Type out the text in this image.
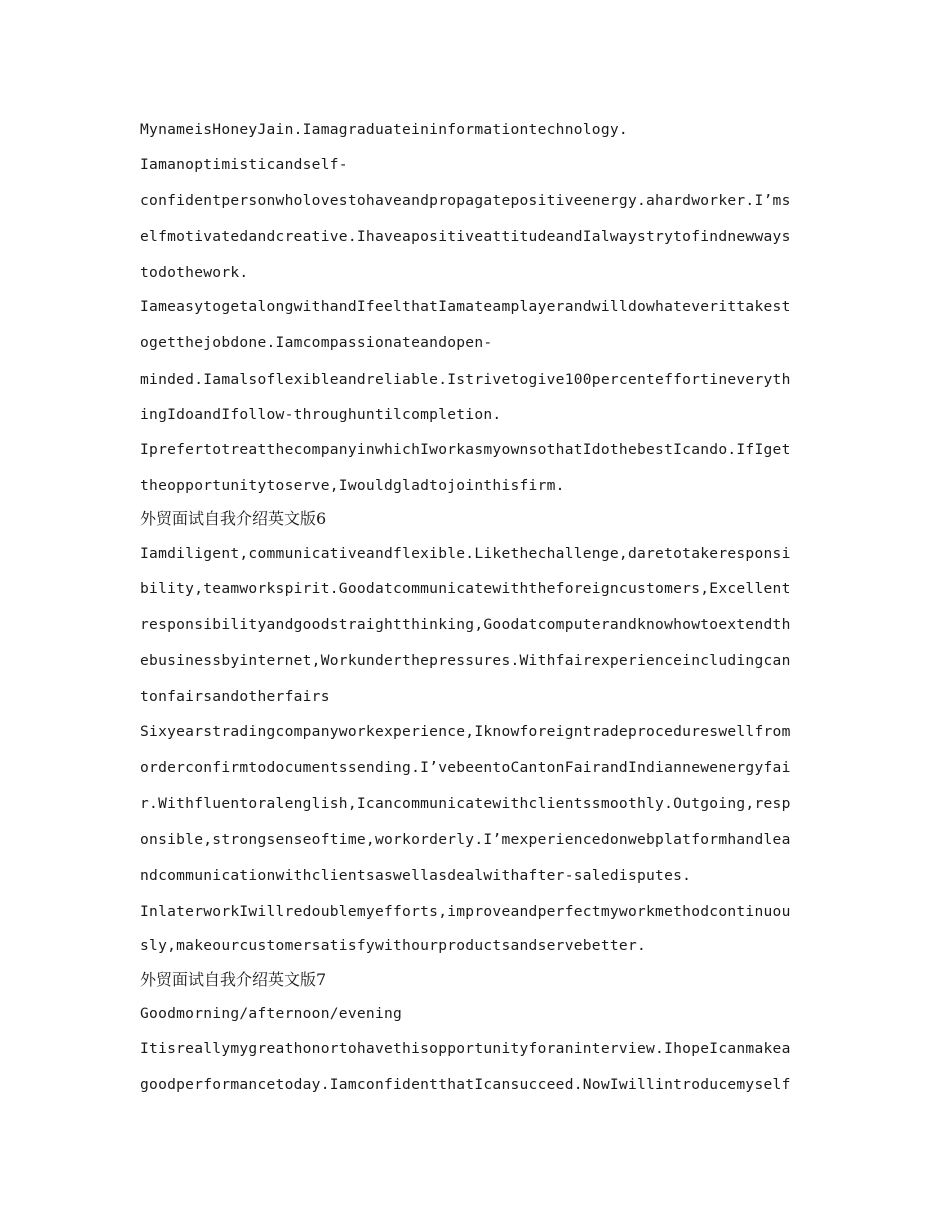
MynameisHoneyJain.Iamagraduateininformationtechnology.
Iamanoptimisticandself-
confidentpersonwholovestohaveandpropagatepositiveenergy.ahardworker.I’ms
elfmotivatedandcreative.IhaveapositiveattitudeandIalwaystrytofindnewways
todothework.
IameasytogetalongwithandIfeelthatIamateamplayerandwilldowhateverittakest
ogetthejobdone.Iamcompassionateandopen-
minded.Iamalsoflexibleandreliable.Istrivetogive100percenteffortineveryth
ingIdoandIfollow-throughuntilcompletion.
IprefertotreatthecompanyinwhichIworkasmyownsothatIdothebestIcando.IfIget
theopportunitytoserve,Iwouldgladtojointhisfirm.
外贸面试自我介绍英文版6
Iamdiligent,communicativeandflexible.Likethechallenge,daretotakeresponsi
bility,teamworkspirit.Goodatcommunicatewiththeforeigncustomers,Excellent
responsibilityandgoodstraightthinking,Goodatcomputerandknowhowtoextendth
ebusinessbyinternet,Workunderthepressures.Withfairexperienceincludingcan
tonfairsandotherfairs
Sixyearstradingcompanyworkexperience,Iknowforeigntradeprocedureswellfrom
orderconfirmtodocumentssending.I’vebeentoCantonFairandIndiannewenergyfai
r.Withfluentoralenglish,Icancommunicatewithclientssmoothly.Outgoing,resp
onsible,strongsenseoftime,workorderly.I’mexperiencedonwebplatformhandlea
ndcommunicationwithclientsaswellasdealwithafter-saledisputes.
InlaterworkIwillredoublemyefforts,improveandperfectmyworkmethodcontinuou
sly,makeourcustomersatisfywithourproductsandservebetter.
外贸面试自我介绍英文版7
Goodmorning/afternoon/evening
Itisreallymygreathonortohavethisopportunityforaninterview.IhopeIcanmakea
goodperformancetoday.IamconfidentthatIcansucceed.NowIwillintroducemyself
